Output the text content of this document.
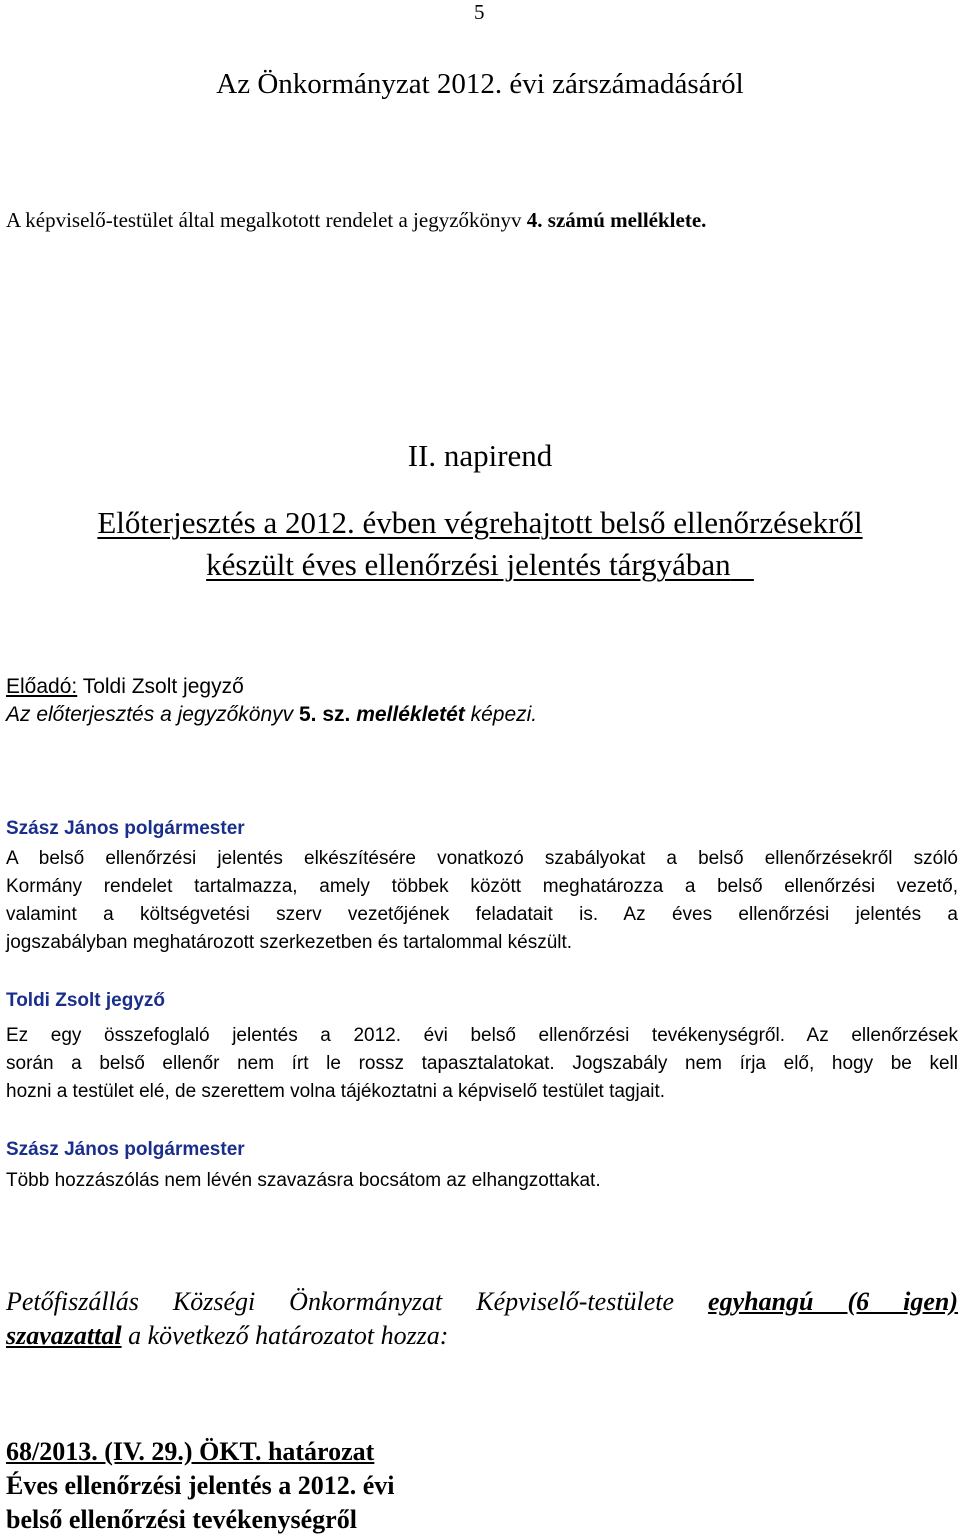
5
Az Önkormányzat 2012. évi zárszámadásáról
A képviselő-testület által megalkotott rendelet a jegyzőkönyv 4. számú melléklete.
II. napirend
Előterjesztés a 2012. évben végrehajtott belső ellenőrzésekről
készült éves ellenőrzési jelentés tárgyában
Előadó: Toldi Zsolt jegyző
Az előterjesztés a jegyzőkönyv 5. sz. mellékletét képezi.
Szász János polgármester
A belső ellenőrzési jelentés elkészítésére vonatkozó szabályokat a belső ellenőrzésekről szóló
Kormány rendelet tartalmazza, amely többek között meghatározza a belső ellenőrzési vezető,
valamint a költségvetési szerv vezetőjének feladatait is. Az éves ellenőrzési jelentés a
jogszabályban meghatározott szerkezetben és tartalommal készült.
Toldi Zsolt jegyző
Ez egy összefoglaló jelentés a 2012. évi belső ellenőrzési tevékenységről. Az ellenőrzések
során a belső ellenőr nem írt le rossz tapasztalatokat. Jogszabály nem írja elő, hogy be kell
hozni a testület elé, de szerettem volna tájékoztatni a képviselő testület tagjait.
Szász János polgármester
Több hozzászólás nem lévén szavazásra bocsátom az elhangzottakat.
Petőfiszállás Községi Önkormányzat Képviselő-testülete egyhangú (6 igen)
szavazattal a következő határozatot hozza:
68/2013. (IV. 29.) ÖKT. határozat
Éves ellenőrzési jelentés a 2012. évi
belső ellenőrzési tevékenységről
